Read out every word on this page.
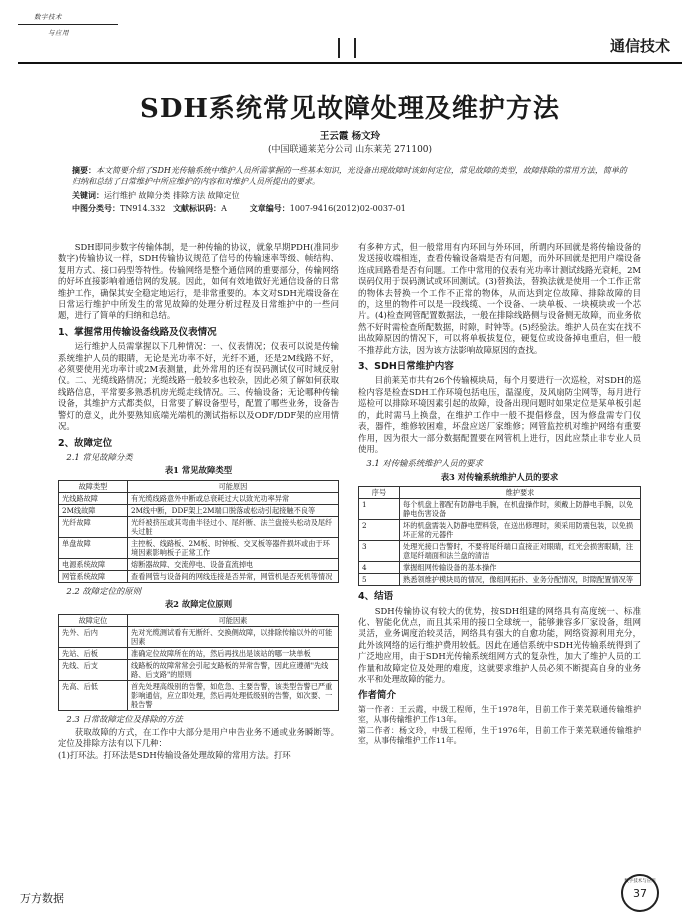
数字技术
与应用
通信技术
SDH系统常见故障处理及维护方法
王云霞 杨文玲
(中国联通莱芜分公司 山东莱芜 271100)
摘要：本文简要介绍了SDH光传输系统中维护人员所需掌握的一些基本知识，光设备出现故障时该如何定位，常见故障的类型，故障排除的常用方法，简单的归纳和总结了日常维护中所应维护的内容和对维护人员所提出的要求。
关键词：运行维护 故障分类 排除方法 故障定位
中图分类号：TN914.332 文献标识码：A	文章编号：1007-9416(2012)02-0037-01

SDH即同步数字传输体制，是一种传输的协议，就象早期PDH(准同步数字)传输协议一样，SDH传输协议规范了信号的传输速率等级、帧结构、复用方式、接口码型等特性。传输网络是整个通信网的重要部分，传输网络的好坏直接影响着通信网的发展。因此，如何有效地做好光通信设备的日常维护工作，确保其安全稳定地运行，是非常重要的。本文对SDH光端设备在日常运行维护中所发生的常见故障的处理分析过程及日常维护中的一些问题，进行了简单的归纳和总结。

1、掌握常用传输设备线路及仪表情况

运行维护人员需掌握以下几种情况：一、仪表情况；仪表可以说是传输系统维护人员的眼睛，无论是光功率不好，光纤不通，还是2M线路不好，必须要使用光功率计或2M表测量，此外常用的还有误码测试仪可时域反射仪。二、光缆线路情况；光缆线路一般较多也较杂，因此必须了解如何获取线路信息，平常要多熟悉机房光缆走线情况。三、传输设备；无论哪种传输设备，其维护方式都类似，日常要了解设备型号，配置了哪些业务，设备告警灯的意义，此外要熟知底端光端机的测试指标以及ODF/DDF架的应用情况。

2、故障定位
2.1 常见故障分类
表1 常见故障类型
故障类型	可能原因
光线路故障	有光缆线路意外中断或总衰耗过大以致光功率异常
2M线故障	2M线中断，DDF架上2M端口脱落或松动引起接触不良等
光纤故障	光纤被挤压或其弯曲半径过小、尾纤断、法兰盘接头松动及尾纤头过脏
单盘故障	主控板、线路板、2M板、时钟板、交叉板等器件损坏或由于环境因素影响板子正常工作
电源系统故障	熔断器故障、交流停电、设备直流掉电
网管系统故障	查看网管与设备间的网线连接是否异常，网管机是否死机等情况
2.2 故障定位的原则
表2 故障定位原则
故障定位	可能因素
先外、后内	先对光缆测试看有无断纤、交换侧故障，以排除传输以外的可能因素
先站、后板	准确定位故障所在的站，然后再找出是该站的哪一块单板
先线、后支	线路板的故障常常会引起支路板的异常告警，因此应遵循"先线路、后支路"的原则
先高、后低	首先处理高级别的告警，如危急、主要告警，该类型告警已严重影响通信，应立即处理，然后再处理低级别的告警，如次要、一般告警
2.3 日常故障定位及排除的方法

获取故障的方式，在工作中大部分是用户申告业务不通或业务瞬断等。定位及排除方法有以下几种：

(1)打环法。打环法是SDH传输设备处理故障的常用方法。打环

有多种方式，但一般常用有内环回与外环回，所谓内环回就是将传输设备的发送接收端相连，查看传输设备端是否有问题，而外环回就是把用户端设备连成回路看是否有问题。工作中常用的仪表有光功率计测试线路光衰耗，2M误码仪用于误码测试或环回测试。(3)替换法，替换法就是使用一个工作正常的物体去替换一个工作不正常的物体，从而达到定位故障、排除故障的目的，这里的物件可以是一段线缆、一个设备、一块单板、一块模块或一个芯片。(4)检查网管配置数据法，一般在排除线路侧与设备侧无故障，而业务依然不好时需检查所配数据，时隙，时钟等。(5)经验法。维护人员在实在找不出故障原因的情况下，可以将单板拔复位，硬复位或设备掉电重启，但一般不推荐此方法，因为该方法影响故障原因的查找。

3、SDH日常维护内容

目前莱芜市共有26个传输模块局，每个月要进行一次巡检，对SDH的巡检内容是检查SDH工作环境包括电压，温湿度，及风扇防尘网等，每月进行巡检可以排除环境因素引起的故障，设备出现问题时如果定位是某单板引起的，此时需马上换盘，在维护工作中一般不提倡修盘，因为修盘需专门仪表，器件，维修较困难，坏盘应送厂家维修；网管监控机对维护网络有重要作用，因为很大一部分数据配置要在网管机上进行，因此应禁止非专业人员使用。

3.1 对传输系统维护人员的要求
表3 对传输系统维护人员的要求
序号	维护要求
1	每个机盘上都配有防静电手腕，在机盘操作时，须戴上防静电手腕，以免静电伤害设备
2	坏的机盘需装入防静电塑料袋，在送出修理时，须采用防震包装，以免损坏正常的元器件
3	处理光接口告警时，不要将尾纤端口直接正对眼睛，红光会损害眼睛，注意尾纤端面和法兰盘的清洁
4	掌握组网传输设备的基本操作
5	熟悉领维护模块局的情况，像组网拓扑、业务分配情况，时隙配置情况等
4、结语

SDH传输协议有较大的优势，按SDH组建的网络具有高度统一、标准化、智能化优点，而且其采用的接口全球统一，能够兼容多厂家设备，组网灵活，业务调度治较灵活，网络具有强大的自愈功能，网络资源利用充分，此外该网络的运行维护费用较低。因此在通信系统中SDH光传输系统得到了广泛地应用，由于SDH光传输系统组网方式的复杂性，加大了维护人员的工作量和故障定位及处理的难度，这就要求维护人员必须不断提高自身的业务水平和处理故障的能力。

作者简介

第一作者：王云霞，中级工程师，生于1978年，目前工作于莱芜联通传输维护室，从事传输维护工作13年。

第二作者：杨文玲，中级工程师，生于1976年，目前工作于莱芜联通传输维护室，从事传输维护工作11年。

万方数据
数字技术与应用
37
